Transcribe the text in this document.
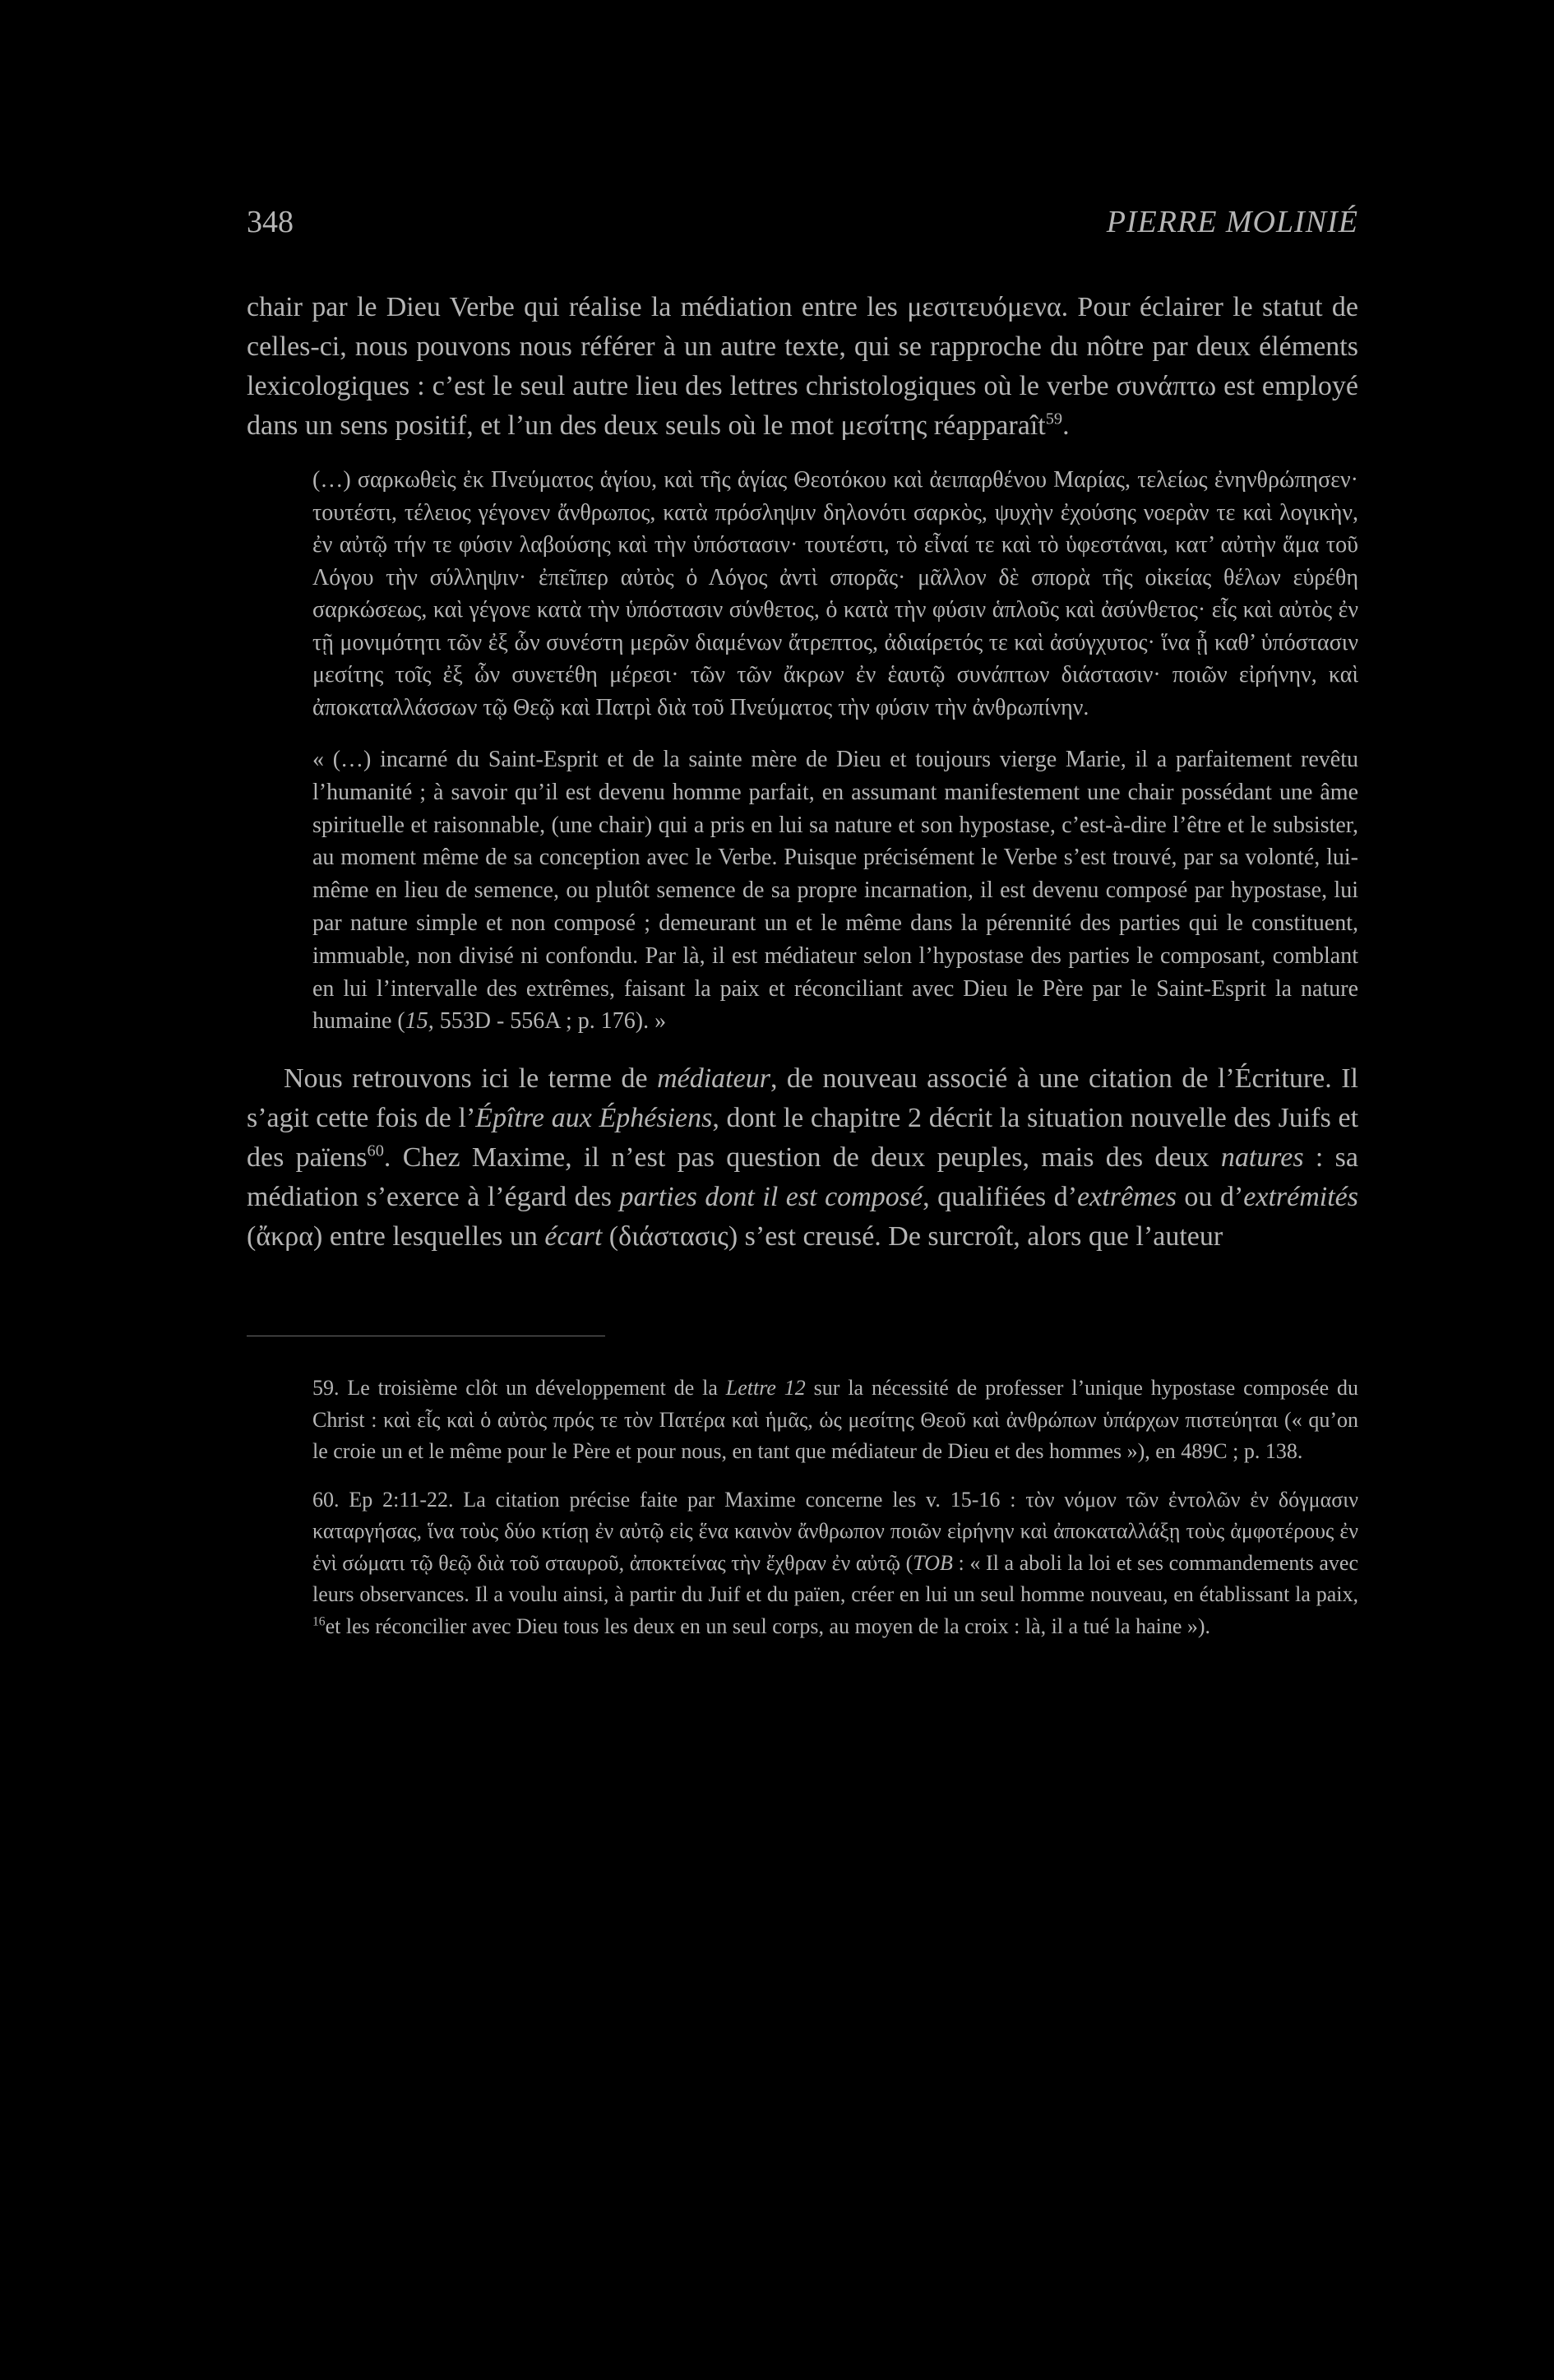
348	PIERRE MOLINIÉ

chair par le Dieu Verbe qui réalise la médiation entre les μεσιτευόμενα. Pour éclairer le statut de celles-ci, nous pouvons nous référer à un autre texte, qui se rapproche du nôtre par deux éléments lexicologiques : c’est le seul autre lieu des lettres christologiques où le verbe συνάπτω est employé dans un sens positif, et l’un des deux seuls où le mot μεσίτης réapparaît$^{59}$.

(…) σαρκωθεὶς ἐκ Πνεύματος ἁγίου, καὶ τῆς ἁγίας Θεοτόκου καὶ ἀειπαρθένου Μαρίας, τελείως ἐνηνθρώπησεν· τουτέστι, τέλειος γέγονεν ἄνθρωπος, κατὰ πρόσληψιν δηλονότι σαρκὸς, ψυχὴν ἐχούσης νοερὰν τε καὶ λογικὴν, ἐν αὐτῷ τήν τε φύσιν λαβούσης καὶ τὴν ὑπόστασιν· τουτέστι, τὸ εἶναί τε καὶ τὸ ὑφεστάναι, κατ’ αὐτὴν ἅμα τοῦ Λόγου τὴν σύλληψιν· ἐπεῖπερ αὐτὸς ὁ Λόγος ἀντὶ σπορᾶς· μᾶλλον δὲ σπορὰ τῆς οἰκείας θέλων εὑρέθη σαρκώσεως, καὶ γέγονε κατὰ τὴν ὑπόστασιν σύνθετος, ὁ κατὰ τὴν φύσιν ἁπλοῦς καὶ ἀσύνθετος· εἷς καὶ αὐτὸς ἐν τῇ μονιμότητι τῶν ἐξ ὧν συνέστη μερῶν διαμένων ἄτρεπτος, ἀδιαίρετός τε καὶ ἀσύγχυτος· ἵνα ᾖ καθ’ ὑπόστασιν μεσίτης τοῖς ἐξ ὧν συνετέθη μέρεσι· τῶν τῶν ἄκρων ἐν ἑαυτῷ συνάπτων διάστασιν· ποιῶν εἰρήνην, καὶ ἀποκαταλλάσσων τῷ Θεῷ καὶ Πατρὶ διὰ τοῦ Πνεύματος τὴν φύσιν τὴν ἀνθρωπίνην.

« (…) incarné du Saint-Esprit et de la sainte mère de Dieu et toujours vierge Marie, il a parfaitement revêtu l’humanité ; à savoir qu’il est devenu homme parfait, en assumant manifestement une chair possédant une âme spirituelle et raisonnable, (une chair) qui a pris en lui sa nature et son hypostase, c’est-à-dire l’être et le subsister, au moment même de sa conception avec le Verbe. Puisque précisément le Verbe s’est trouvé, par sa volonté, lui-même en lieu de semence, ou plutôt semence de sa propre incarnation, il est devenu composé par hypostase, lui par nature simple et non composé ; demeurant un et le même dans la pérennité des parties qui le constituent, immuable, non divisé ni confondu. Par là, il est médiateur selon l’hypostase des parties le composant, comblant en lui l’intervalle des extrêmes, faisant la paix et réconciliant avec Dieu le Père par le Saint-Esprit la nature humaine (15, 553D - 556A ; p. 176). »

Nous retrouvons ici le terme de médiateur, de nouveau associé à une citation de l’Écriture. Il s’agit cette fois de l’Épître aux Éphésiens, dont le chapitre 2 décrit la situation nouvelle des Juifs et des païens$^{60}$. Chez Maxime, il n’est pas question de deux peuples, mais des deux natures : sa médiation s’exerce à l’égard des parties dont il est composé, qualifiées d’extrêmes ou d’extrémités (ἄκρα) entre lesquelles un écart (διάστασις) s’est creusé. De surcroît, alors que l’auteur

59. Le troisième clôt un développement de la Lettre 12 sur la nécessité de professer l’unique hypostase composée du Christ : καὶ εἷς καὶ ὁ αὐτὸς πρός τε τὸν Πατέρα καὶ ἡμᾶς, ὡς μεσίτης Θεοῦ καὶ ἀνθρώπων ὑπάρχων πιστεύηται (« qu’on le croie un et le même pour le Père et pour nous, en tant que médiateur de Dieu et des hommes »), en 489C ; p. 138.

60. Ep 2:11-22. La citation précise faite par Maxime concerne les v. 15-16 : τὸν νόμον τῶν ἐντολῶν ἐν δόγμασιν καταργήσας, ἵνα τοὺς δύο κτίσῃ ἐν αὐτῷ εἰς ἕνα καινὸν ἄνθρωπον ποιῶν εἰρήνην καὶ ἀποκαταλλάξῃ τοὺς ἀμφοτέρους ἐν ἑνὶ σώματι τῷ θεῷ διὰ τοῦ σταυροῦ, ἀποκτείνας τὴν ἔχθραν ἐν αὐτῷ (TOB : « Il a aboli la loi et ses commandements avec leurs observances. Il a voulu ainsi, à partir du Juif et du païen, créer en lui un seul homme nouveau, en établissant la paix, $^{16}$et les réconcilier avec Dieu tous les deux en un seul corps, au moyen de la croix : là, il a tué la haine »).
